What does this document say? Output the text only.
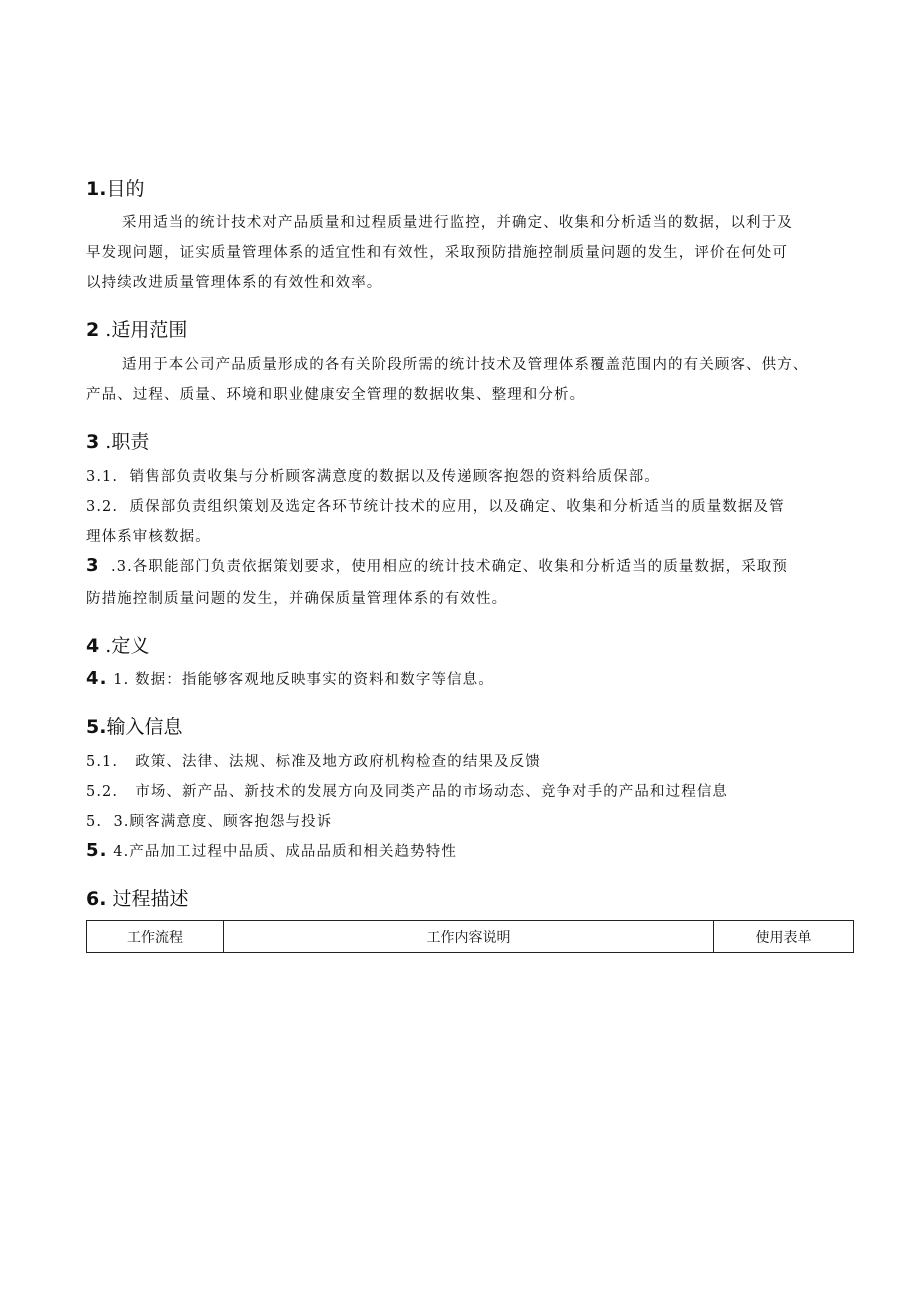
1.目的
采用适当的统计技术对产品质量和过程质量进行监控，并确定、收集和分析适当的数据，以利于及
早发现问题，证实质量管理体系的适宜性和有效性，采取预防措施控制质量问题的发生，评价在何处可
以持续改进质量管理体系的有效性和效率。
2 .适用范围
适用于本公司产品质量形成的各有关阶段所需的统计技术及管理体系覆盖范围内的有关顾客、供方、
产品、过程、质量、环境和职业健康安全管理的数据收集、整理和分析。
3 .职责
3.1. 销售部负责收集与分析顾客满意度的数据以及传递顾客抱怨的资料给质保部。
3.2. 质保部负责组织策划及选定各环节统计技术的应用，以及确定、收集和分析适当的质量数据及管
理体系审核数据。
3 .3.各职能部门负责依据策划要求，使用相应的统计技术确定、收集和分析适当的质量数据，采取预
防措施控制质量问题的发生，并确保质量管理体系的有效性。
4 .定义
4. 1. 数据：指能够客观地反映事实的资料和数字等信息。
5.输入信息
5.1. 政策、法律、法规、标准及地方政府机构检查的结果及反馈
5.2. 市场、新产品、新技术的发展方向及同类产品的市场动态、竞争对手的产品和过程信息
5. 3.顾客满意度、顾客抱怨与投诉
5. 4.产品加工过程中品质、成品品质和相关趋势特性
6. 过程描述
工作流程	工作内容说明	使用表单
